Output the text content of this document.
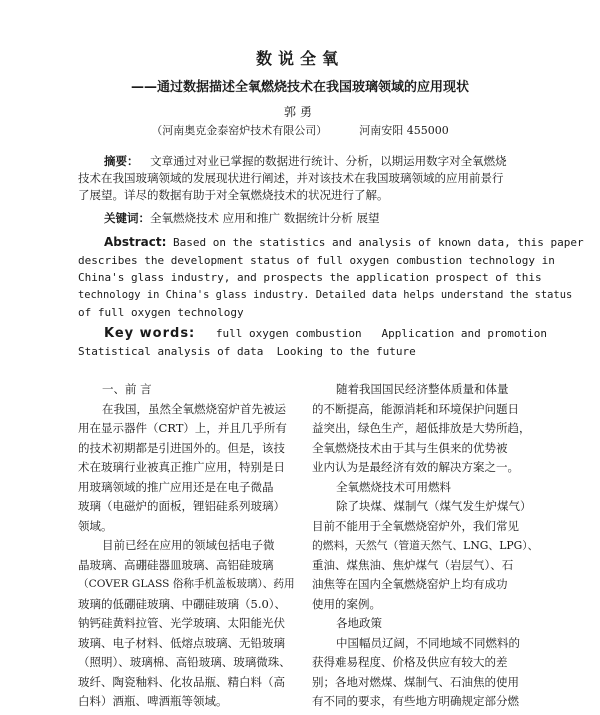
数说全氧
——通过数据描述全氧燃烧技术在我国玻璃领域的应用现状
郭勇
（河南奥克金泰窑炉技术有限公司）	河南安阳 455000
摘要： 文章通过对业已掌握的数据进行统计、分析，以期运用数字对全氧燃烧
技术在我国玻璃领域的发展现状进行阐述，并对该技术在我国玻璃领域的应用前景行
了展望。详尽的数据有助于对全氧燃烧技术的状况进行了解。
关键词：全氧燃烧技术 应用和推广 数据统计分析 展望
Abstract: Based on the statistics and analysis of known data, this paper
describes the development status of full oxygen combustion technology in
China's glass industry, and prospects the application prospect of this
technology in China's glass industry. Detailed data helps understand the status
of full oxygen technology
Key words: full oxygen combustion   Application and promotion
Statistical analysis of data  Looking to the future
一、前 言
在我国，虽然全氧燃烧窑炉首先被运
用在显示器件（CRT）上，并且几乎所有
的技术初期都是引进国外的。但是，该技
术在玻璃行业被真正推广应用，特别是日
用玻璃领域的推广应用还是在电子微晶
玻璃（电磁炉的面板，锂铝硅系列玻璃）
领域。
目前已经在应用的领域包括电子微
晶玻璃、高硼硅器皿玻璃、高铝硅玻璃
（COVER GLASS 俗称手机盖板玻璃）、药用
玻璃的低硼硅玻璃、中硼硅玻璃（5.0）、
钠钙硅黄料拉管、光学玻璃、太阳能光伏
玻璃、电子材料、低熔点玻璃、无铅玻璃
（照明）、玻璃棉、高铅玻璃、玻璃微珠、
玻纤、陶瓷釉料、化妆品瓶、精白料（高
白料）酒瓶、啤酒瓶等领域。
随着我国国民经济整体质量和体量
的不断提高，能源消耗和环境保护问题日
益突出，绿色生产，超低排放是大势所趋，
全氧燃烧技术由于其与生俱来的优势被
业内认为是最经济有效的解决方案之一。
全氧燃烧技术可用燃料
除了块煤、煤制气（煤气发生炉煤气）
目前不能用于全氧燃烧窑炉外，我们常见
的燃料，天然气（管道天然气、LNG、LPG）、
重油、煤焦油、焦炉煤气（岩层气）、石
油焦等在国内全氧燃烧窑炉上均有成功
使用的案例。
各地政策
中国幅员辽阔，不同地域不同燃料的
获得难易程度、价格及供应有较大的差
别；各地对燃煤、煤制气、石油焦的使用
有不同的要求，有些地方明确规定部分燃
